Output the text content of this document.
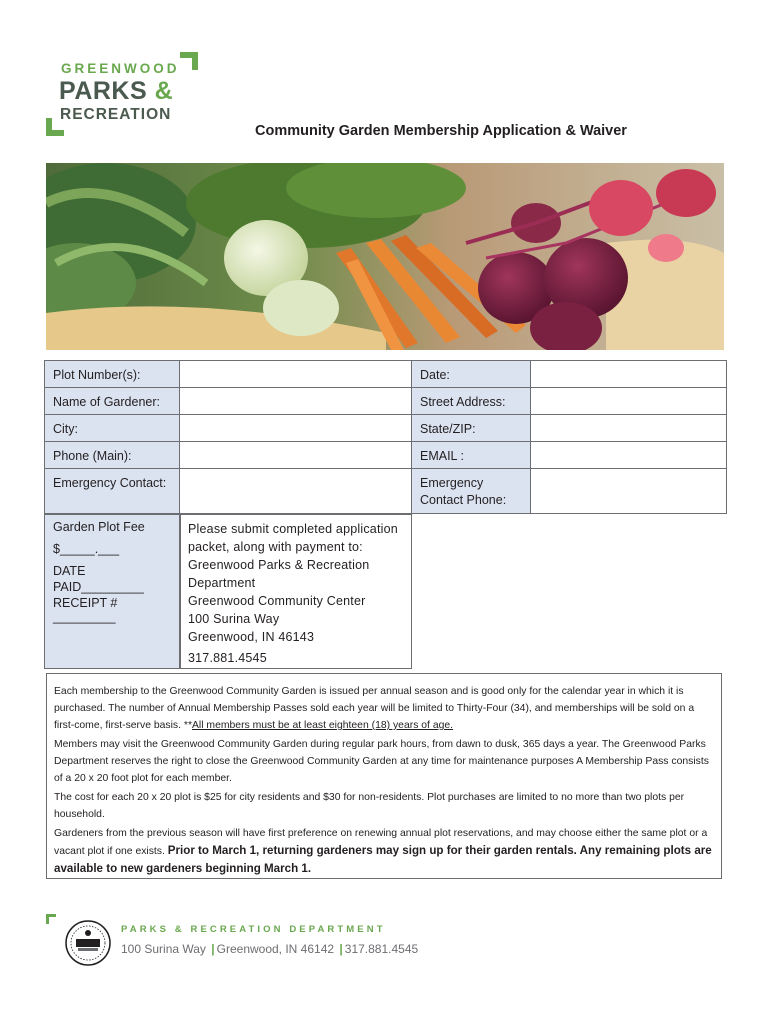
GREENWOOD
PARKS &
RECREATION
Community Garden Membership Application & Waiver
Plot Number(s):	Date:
Name of Gardener:	Street Address:
City:	State/ZIP:
Phone (Main):	EMAIL :
Emergency Contact:	Emergency
Contact Phone:
Garden Plot Fee
$_____.___
DATE
PAID_________
RECEIPT # _________
Please submit completed application
packet, along with payment to:
Greenwood Parks & Recreation
Department
Greenwood Community Center
100 Surina Way
Greenwood, IN 46143
317.881.4545

Each membership to the Greenwood Community Garden is issued per annual season and is good only for the calendar year in which it is purchased. The number of Annual Membership Passes sold each year will be limited to Thirty-Four (34), and memberships will be sold on a first-come, first-serve basis. **All members must be at least eighteen (18) years of age.

Members may visit the Greenwood Community Garden during regular park hours, from dawn to dusk, 365 days a year. The Greenwood Parks Department reserves the right to close the Greenwood Community Garden at any time for maintenance purposes A Membership Pass consists of a 20 x 20 foot plot for each member.

The cost for each 20 x 20 plot is $25 for city residents and $30 for non-residents. Plot purchases are limited to no more than two plots per household.

Gardeners from the previous season will have first preference on renewing annual plot reservations, and may choose either the same plot or a vacant plot if one exists. Prior to March 1, returning gardeners may sign up for their garden rentals. Any remaining plots are available to new gardeners beginning March 1.

PARKS & RECREATION DEPARTMENT
100 Surina Way | Greenwood, IN 46142 | 317.881.4545
